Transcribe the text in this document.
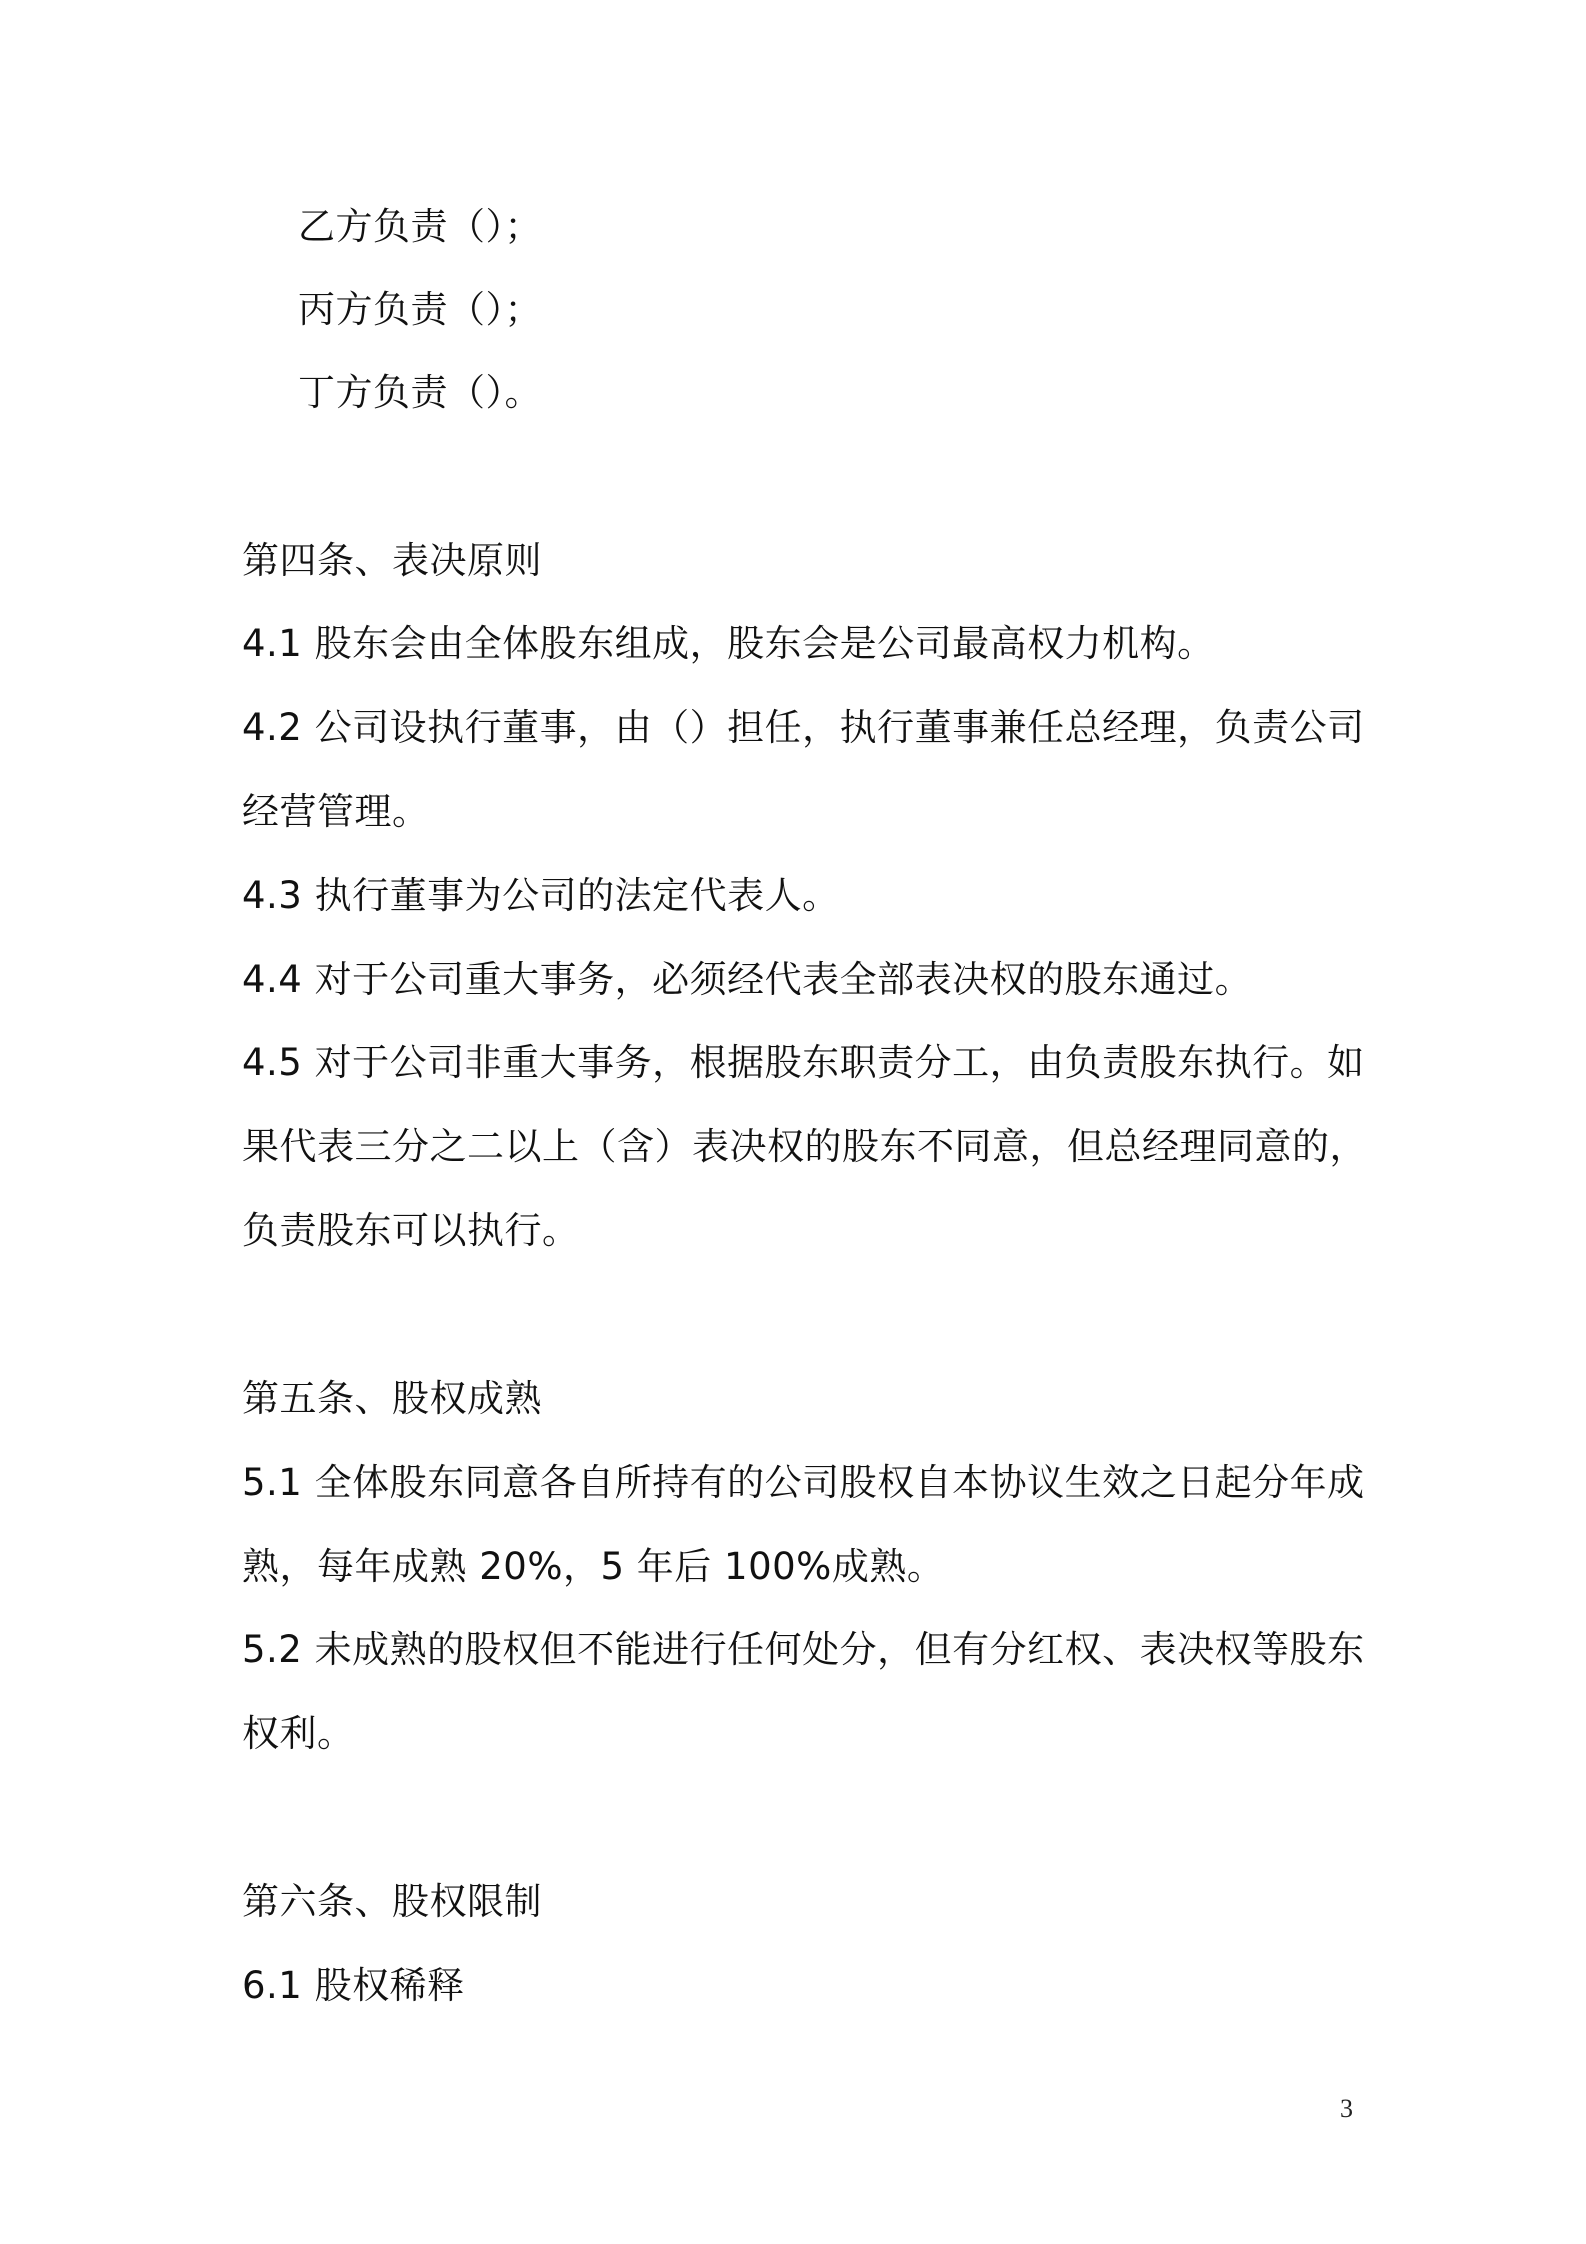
乙方负责（）；
丙方负责（）；
丁方负责（）。
第四条、表决原则
4.1 股东会由全体股东组成，股东会是公司最高权力机构。
4.2 公司设执行董事，由（）担任，执行董事兼任总经理，负责公司
经营管理。
4.3 执行董事为公司的法定代表人。
4.4 对于公司重大事务，必须经代表全部表决权的股东通过。
4.5 对于公司非重大事务，根据股东职责分工，由负责股东执行。如
果代表三分之二以上（含）表决权的股东不同意，但总经理同意的，
负责股东可以执行。
第五条、股权成熟
5.1 全体股东同意各自所持有的公司股权自本协议生效之日起分年成
熟，每年成熟 20%，5 年后 100%成熟。
5.2 未成熟的股权但不能进行任何处分，但有分红权、表决权等股东
权利。
第六条、股权限制
6.1 股权稀释
3
